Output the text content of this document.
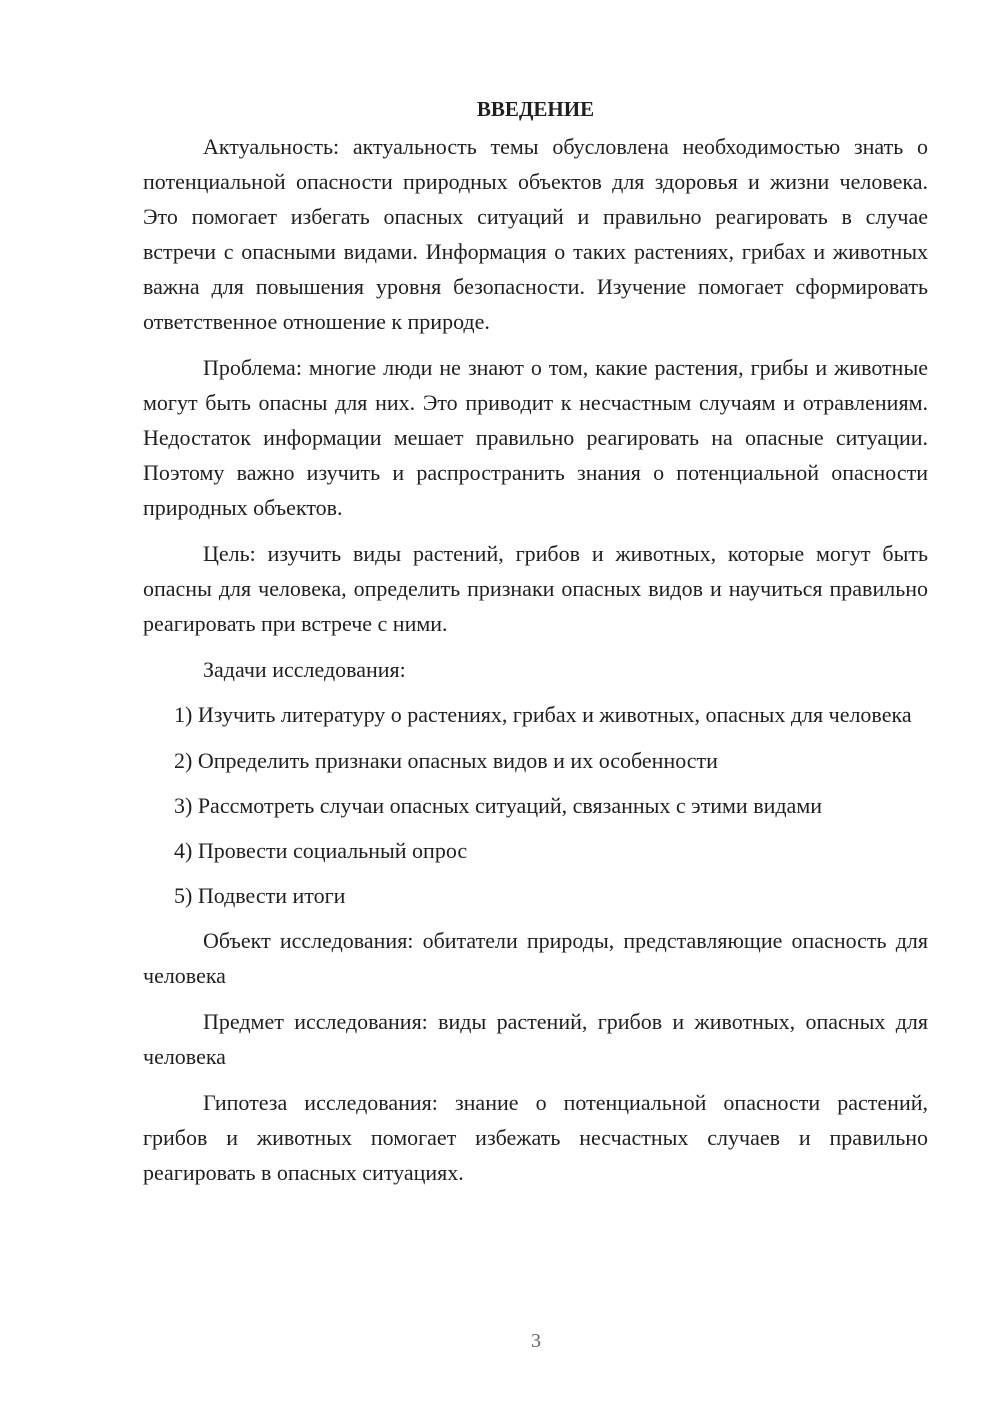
ВВЕДЕНИЕ

Актуальность: актуальность темы обусловлена необходимостью знать о потенциальной опасности природных объектов для здоровья и жизни человека. Это помогает избегать опасных ситуаций и правильно реагировать в случае встречи с опасными видами. Информация о таких растениях, грибах и животных важна для повышения уровня безопасности. Изучение помогает сформировать ответственное отношение к природе.

Проблема: многие люди не знают о том, какие растения, грибы и животные могут быть опасны для них. Это приводит к несчастным случаям и отравлениям. Недостаток информации мешает правильно реагировать на опасные ситуации. Поэтому важно изучить и распространить знания о потенциальной опасности природных объектов.

Цель: изучить виды растений, грибов и животных, которые могут быть опасны для человека, определить признаки опасных видов и научиться правильно реагировать при встрече с ними.

Задачи исследования:

1) Изучить литературу о растениях, грибах и животных, опасных для человека

2) Определить признаки опасных видов и их особенности

3) Рассмотреть случаи опасных ситуаций, связанных с этими видами

4) Провести социальный опрос

5) Подвести итоги

Объект исследования: обитатели природы, представляющие опасность для человека

Предмет исследования: виды растений, грибов и животных, опасных для человека

Гипотеза исследования: знание о потенциальной опасности растений, грибов и животных помогает избежать несчастных случаев и правильно реагировать в опасных ситуациях.

3
